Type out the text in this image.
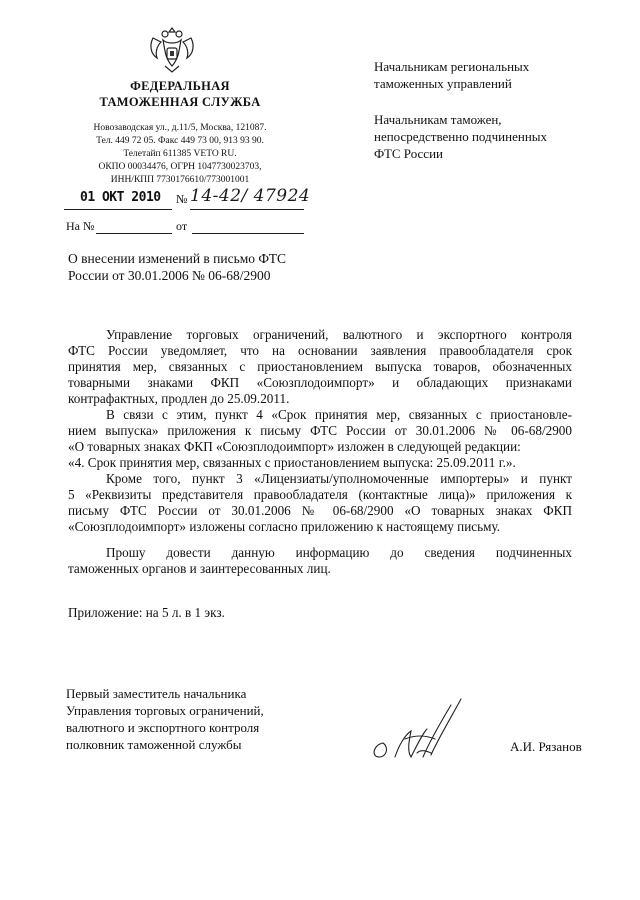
ФЕДЕРАЛЬНАЯ
ТАМОЖЕННАЯ СЛУЖБА
Новозаводская ул., д.11/5, Москва, 121087.
Тел. 449 72 05. Факс 449 73 00, 913 93 90.
Телетайп 611385 VETO RU.
ОКПО 00034476, ОГРН 1047730023703,
ИНН/КПП 7730176610/773001001
01 ОКТ 2010 № 14-42/ 47924
На №	от
Начальникам региональных
таможенных управлений
Начальникам таможен,
непосредственно подчиненных
ФТС России
О внесении изменений в письмо ФТС
России от 30.01.2006 № 06-68/2900
Управление торговых ограничений, валютного и экспортного контроля
ФТС России уведомляет, что на основании заявления правообладателя срок
принятия мер, связанных с приостановлением выпуска товаров, обозначенных
товарными знаками ФКП «Союзплодоимпорт» и обладающих признаками
контрафактных, продлен до 25.09.2011.
В связи с этим, пункт 4 «Срок принятия мер, связанных с приостановле-
нием выпуска» приложения к письму ФТС России от 30.01.2006 № 06-68/2900
«О товарных знаках ФКП «Союзплодоимпорт» изложен в следующей редакции:
«4. Срок принятия мер, связанных с приостановлением выпуска: 25.09.2011 г.».
Кроме того, пункт 3 «Лицензиаты/уполномоченные импортеры» и пункт
5 «Реквизиты представителя правообладателя (контактные лица)» приложения к
письму ФТС России от 30.01.2006 № 06-68/2900 «О товарных знаках ФКП
«Союзплодоимпорт» изложены согласно приложению к настоящему письму.
Прошу довести данную информацию до сведения подчиненных
таможенных органов и заинтересованных лиц.
Приложение: на 5 л. в 1 экз.
Первый заместитель начальника
Управления торговых ограничений,
валютного и экспортного контроля
полковник таможенной службы	А.И. Рязанов
